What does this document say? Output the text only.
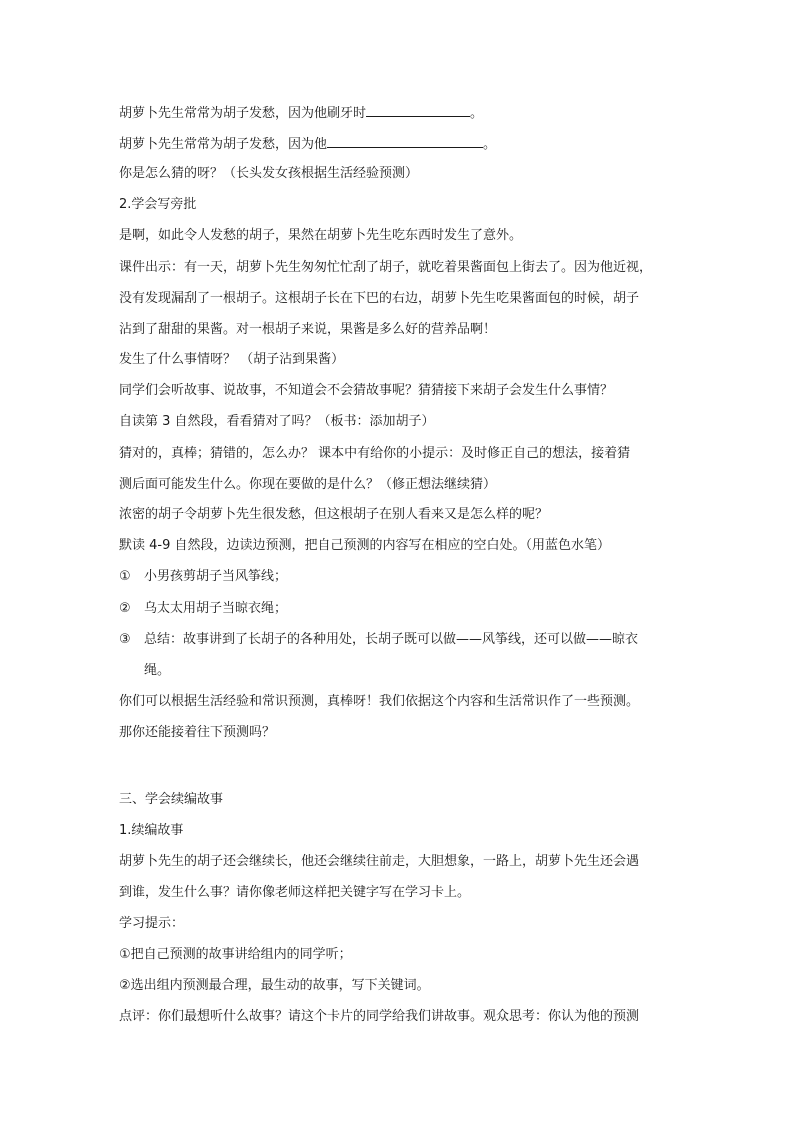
胡萝卜先生常常为胡子发愁，因为他刷牙时	。
胡萝卜先生常常为胡子发愁，因为他	。
你是怎么猜的呀？（长头发女孩根据生活经验预测）
2.学会写旁批
是啊，如此令人发愁的胡子，果然在胡萝卜先生吃东西时发生了意外。
课件出示：有一天，胡萝卜先生匆匆忙忙刮了胡子，就吃着果酱面包上街去了。因为他近视，
没有发现漏刮了一根胡子。这根胡子长在下巴的右边，胡萝卜先生吃果酱面包的时候，胡子
沾到了甜甜的果酱。对一根胡子来说，果酱是多么好的营养品啊！
发生了什么事情呀？ （胡子沾到果酱）
同学们会听故事、说故事，不知道会不会猜故事呢？猜猜接下来胡子会发生什么事情？
自读第 3 自然段，看看猜对了吗？（板书：添加胡子）
猜对的，真棒；猜错的，怎么办？ 课本中有给你的小提示：及时修正自己的想法，接着猜
测后面可能发生什么。你现在要做的是什么？（修正想法继续猜）
浓密的胡子令胡萝卜先生很发愁，但这根胡子在别人看来又是怎么样的呢？
默读 4-9 自然段，边读边预测，把自己预测的内容写在相应的空白处。（用蓝色水笔）
① 小男孩剪胡子当风筝线；
② 乌太太用胡子当晾衣绳；
③ 总结：故事讲到了长胡子的各种用处，长胡子既可以做——风筝线，还可以做——晾衣
绳。
你们可以根据生活经验和常识预测，真棒呀！我们依据这个内容和生活常识作了一些预测。
那你还能接着往下预测吗？
三、学会续编故事
1.续编故事
胡萝卜先生的胡子还会继续长，他还会继续往前走，大胆想象，一路上，胡萝卜先生还会遇
到谁，发生什么事？请你像老师这样把关键字写在学习卡上。
学习提示：
①把自己预测的故事讲给组内的同学听；
②选出组内预测最合理，最生动的故事，写下关键词。
点评：你们最想听什么故事？请这个卡片的同学给我们讲故事。观众思考：你认为他的预测
